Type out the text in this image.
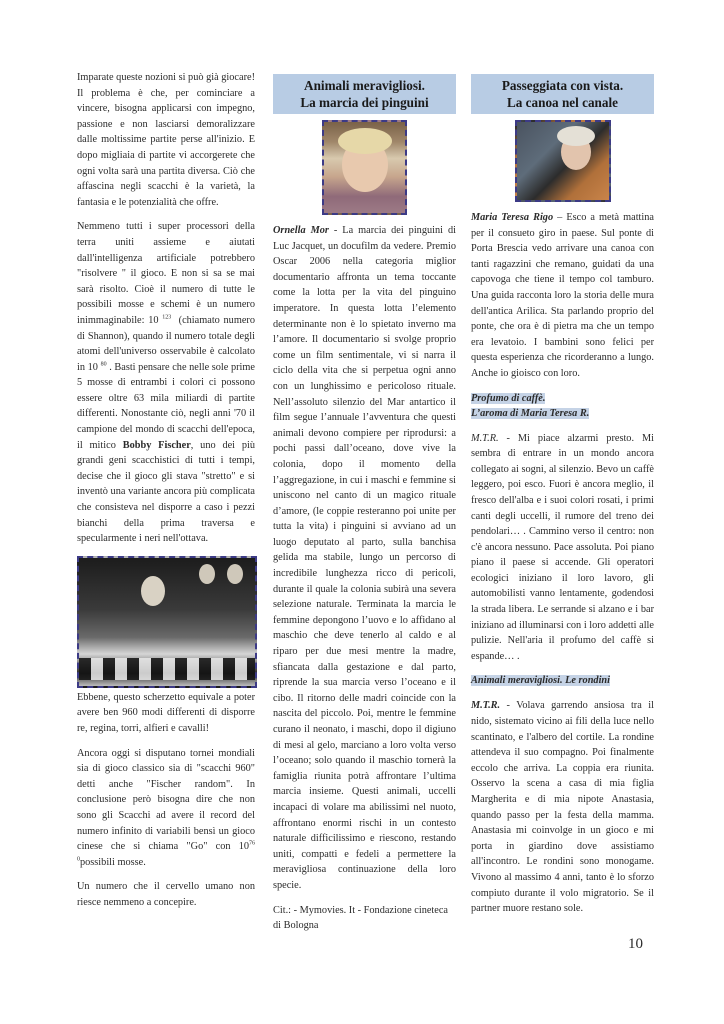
Imparate queste nozioni si può già giocare! Il problema è che, per cominciare a vincere, bisogna applicarsi con impegno, passione e non lasciarsi demoralizzare dalle moltissime partite perse all'inizio. E dopo migliaia di partite vi accorgerete che ogni volta sarà una partita diversa. Ciò che affascina negli scacchi è la varietà, la fantasia e le potenzialità che offre.

Nemmeno tutti i super processori della terra uniti assieme e aiutati dall'intelligenza artificiale potrebbero "risolvere " il gioco. E non si sa se mai sarà risolto. Cioè il numero di tutte le possibili mosse e schemi è un numero inimmaginabile: 10 $^{123}$ (chiamato numero di Shannon), quando il numero totale degli atomi dell'universo osservabile è calcolato in 10 $^{80}$ . Basti pensare che nelle sole prime 5 mosse di entrambi i colori ci possono essere oltre 63 mila miliardi di partite differenti. Nonostante ciò, negli anni '70 il campione del mondo di scacchi dell'epoca, il mitico Bobby Fischer, uno dei più grandi geni scacchistici di tutti i tempi, decise che il gioco gli stava "stretto" e si inventò una variante ancora più complicata che consisteva nel disporre a caso i pezzi bianchi della prima traversa e specularmente i neri nell'ottava.

Ebbene, questo scherzetto equivale a poter avere ben 960 modi differenti di disporre re, regina, torri, alfieri e cavalli!

Ancora oggi si disputano tornei mondiali sia di gioco classico sia di "scacchi 960" detti anche "Fischer random". In conclusione però bisogna dire che non sono gli Scacchi ad avere il record del numero infinito di variabili bensì un gioco cinese che si chiama "Go" con $10^{76 0}possibili$ mosse.

Un numero che il cervello umano non riesce nemmeno a concepire.

Animali meravigliosi.
La marcia dei pinguini

Ornella Mor - La marcia dei pinguini di Luc Jacquet, un docufilm da vedere. Premio Oscar 2006 nella categoria miglior documentario affronta un tema toccante come la lotta per la vita del pinguino imperatore. In questa lotta l’elemento determinante non è lo spietato inverno ma l’amore. Il documentario si svolge proprio come un film sentimentale, vi si narra il ciclo della vita che si perpetua ogni anno con un lunghissimo e pericoloso rituale. Nell’assoluto silenzio del Mar antartico il film segue l’annuale l’avventura che questi animali devono compiere per riprodursi: a pochi passi dall’oceano, dove vive la colonia, dopo il momento della l’aggregazione, in cui i maschi e femmine si uniscono nel canto di un magico rituale d’amore, (le coppie resteranno poi unite per tutta la vita) i pinguini si avviano ad un luogo deputato al parto, sulla banchisa gelida ma stabile, lungo un percorso di incredibile lunghezza ricco di pericoli, durante il quale la colonia subirà una severa selezione naturale. Terminata la marcia le femmine depongono l’uovo e lo affidano al maschio che deve tenerlo al caldo e al riparo per due mesi mentre la madre, sfiancata dalla gestazione e dal parto, riprende la sua marcia verso l’oceano e il cibo. Il ritorno delle madri coincide con la nascita del piccolo. Poi, mentre le femmine curano il neonato, i maschi, dopo il digiuno di mesi al gelo, marciano a loro volta verso l’oceano; solo quando il maschio tornerà la famiglia riunita potrà affrontare l’ultima marcia insieme. Questi animali, uccelli incapaci di volare ma abilissimi nel nuoto, affrontano enormi rischi in un contesto naturale difficilissimo e riescono, restando uniti, compatti e fedeli a permettere la meravigliosa continuazione della loro specie.

Cit.: - Mymovies. It - Fondazione cineteca di Bologna

Passeggiata con vista.
La canoa nel canale

Maria Teresa Rigo – Esco a metà mattina per il consueto giro in paese. Sul ponte di Porta Brescia vedo arrivare una canoa con tanti ragazzini che remano, guidati da una capovoga che tiene il tempo col tamburo. Una guida racconta loro la storia delle mura dell'antica Arilica. Sta parlando proprio del ponte, che ora è di pietra ma che un tempo era levatoio. I bambini sono felici per questa esperienza che ricorderanno a lungo. Anche io gioisco con loro.

Profumo di caffè.
L’aroma di Maria Teresa R.

M.T.R. - Mi piace alzarmi presto. Mi sembra di entrare in un mondo ancora collegato ai sogni, al silenzio. Bevo un caffè leggero, poi esco. Fuori è ancora meglio, il fresco dell'alba e i suoi colori rosati, i primi canti degli uccelli, il rumore del treno dei pendolari… . Cammino verso il centro: non c'è ancora nessuno. Pace assoluta. Poi piano piano il paese si accende. Gli operatori ecologici iniziano il loro lavoro, gli automobilisti vanno lentamente, godendosi la strada libera. Le serrande si alzano e i bar iniziano ad illuminarsi con i loro addetti alle pulizie. Nell'aria il profumo del caffè si espande… .

Animali meravigliosi. Le rondini

M.T.R. - Volava garrendo ansiosa tra il nido, sistemato vicino ai fili della luce nello scantinato, e l'albero del cortile. La rondine attendeva il suo compagno. Poi finalmente eccolo che arriva. La coppia era riunita. Osservo la scena a casa di mia figlia Margherita e di mia nipote Anastasia, quando passo per la festa della mamma. Anastasia mi coinvolge in un gioco e mi porta in giardino dove assistiamo all'incontro. Le rondini sono monogame. Vivono al massimo 4 anni, tanto è lo sforzo compiuto durante il volo migratorio. Se il partner muore restano sole.

10
